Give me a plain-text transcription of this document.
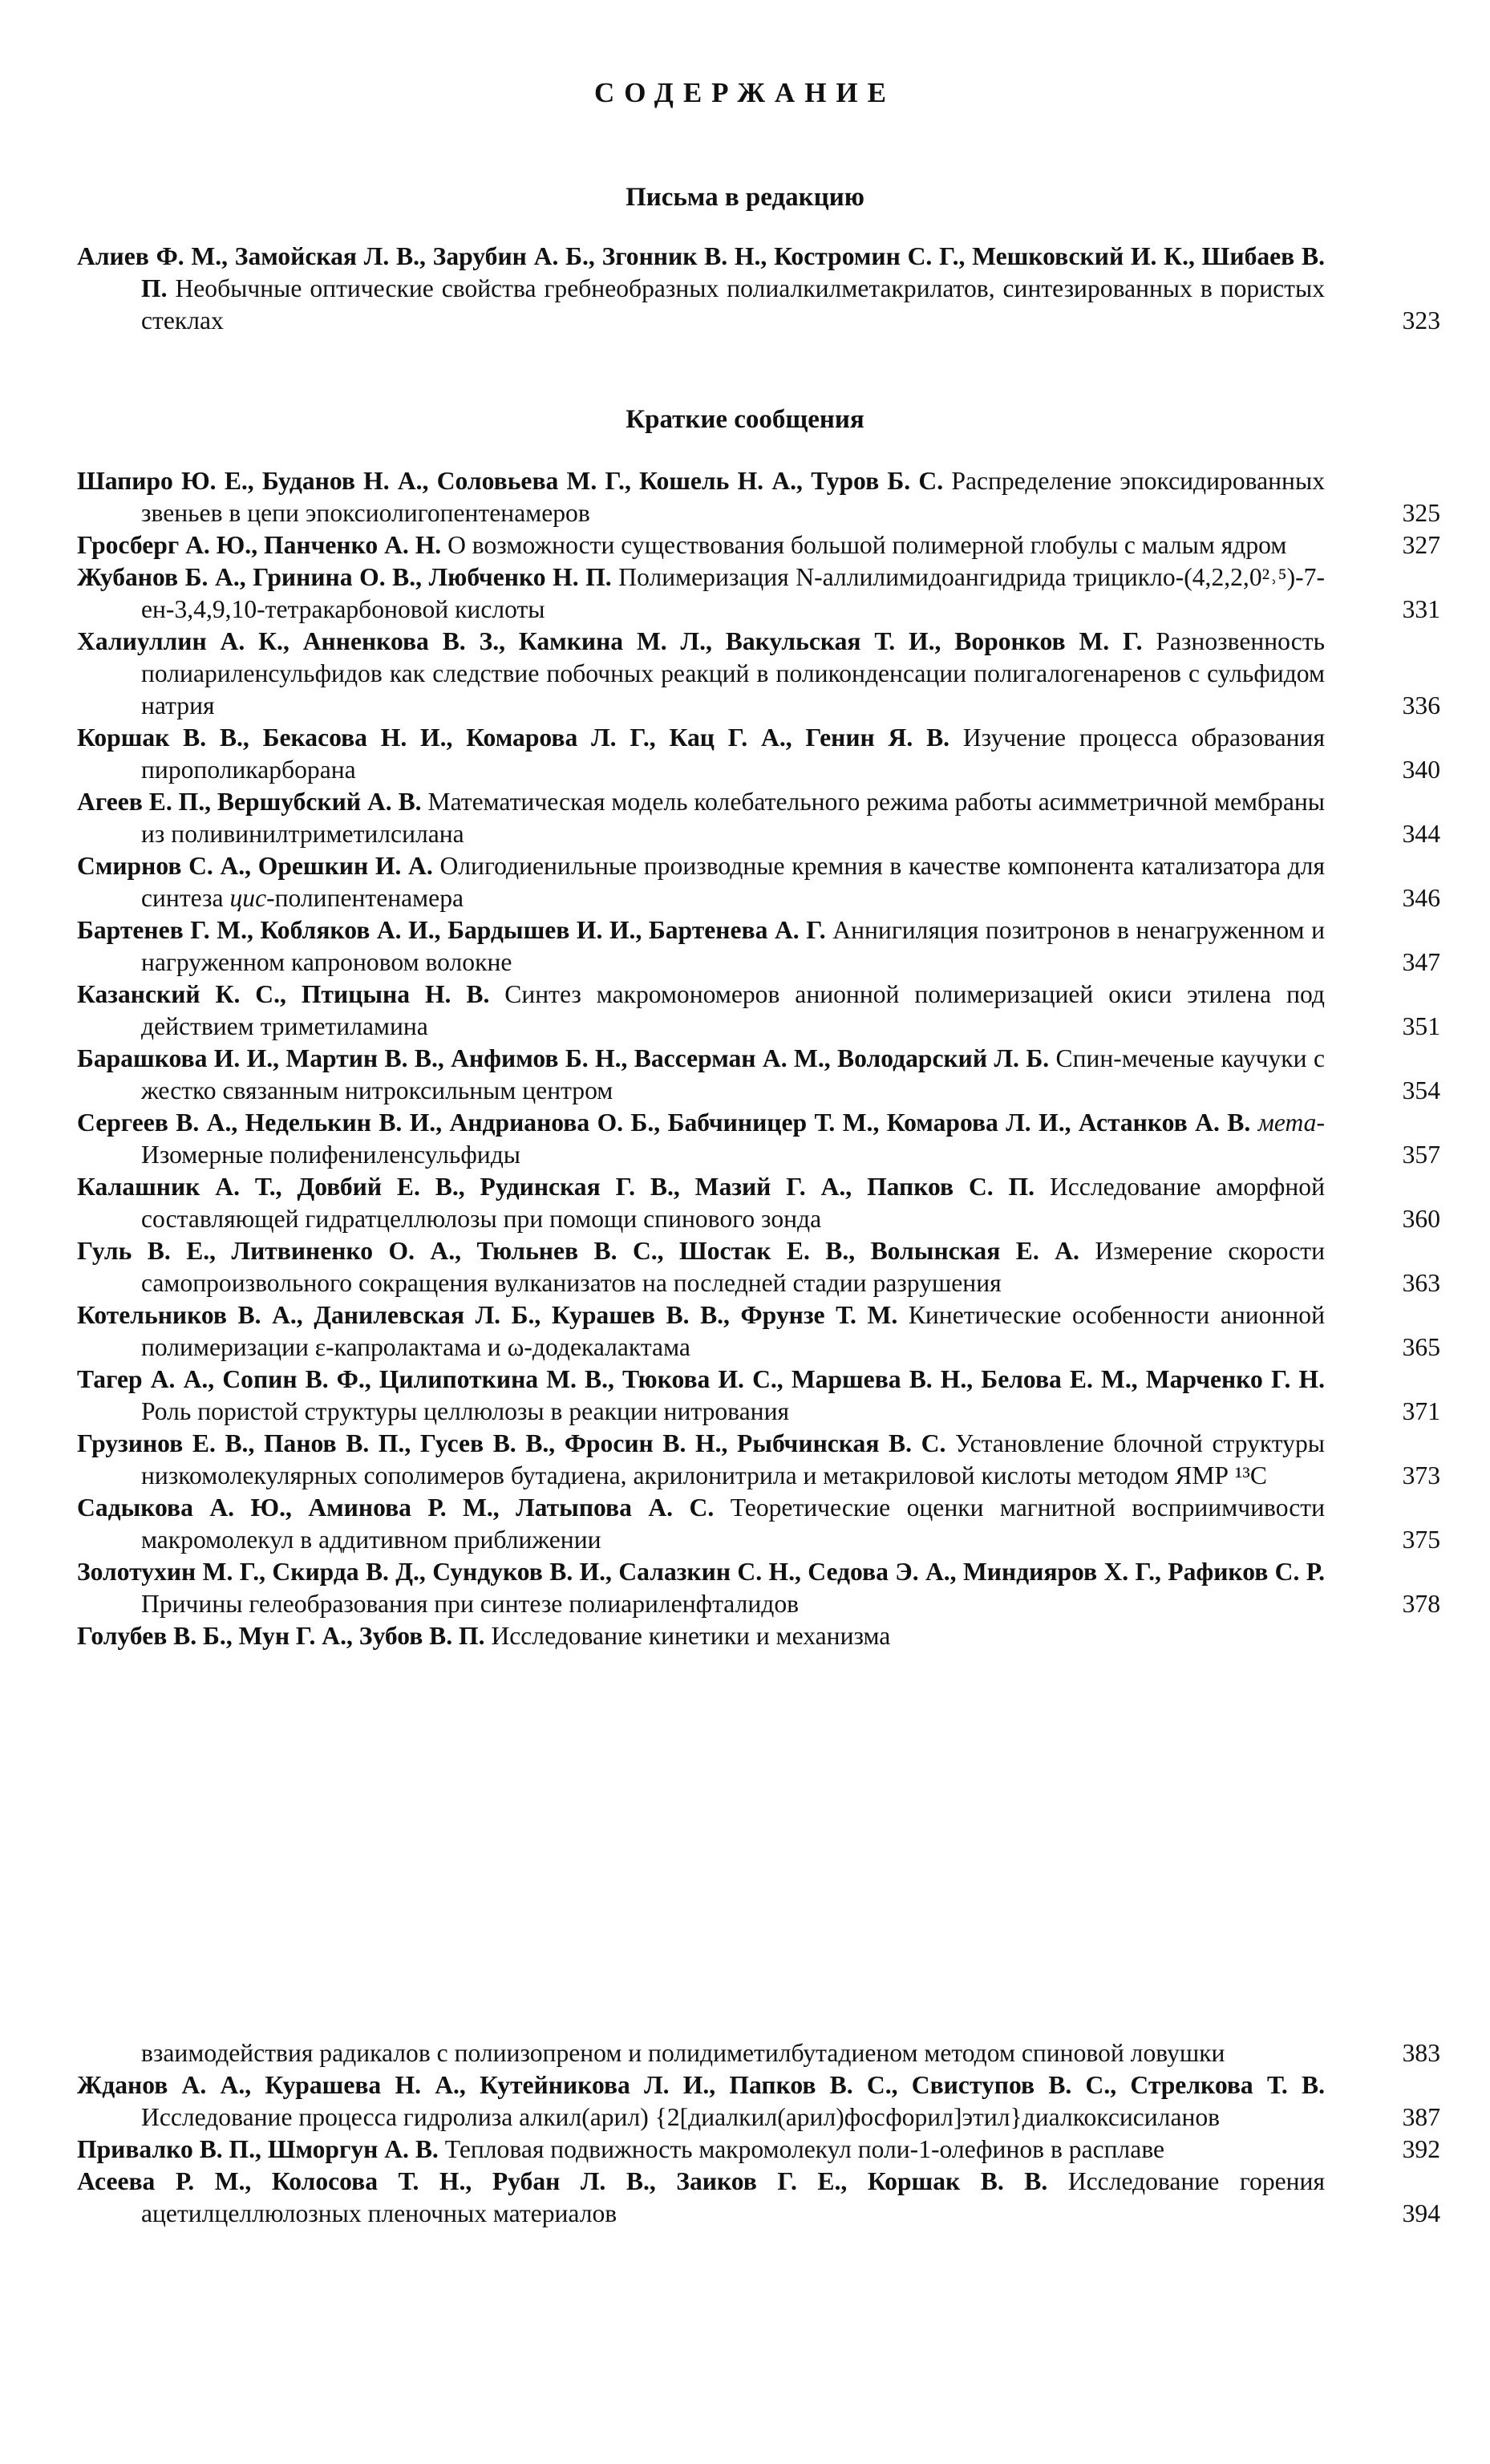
СОДЕРЖАНИЕ
Письма в редакцию
Алиев Ф. М., Замойская Л. В., Зарубин А. Б., Згонник В. Н., Костромин С. Г., Мешковский И. К., Шибаев В. П. Необычные оптические свойства гребнеобразных полиалкилметакрилатов, синтезированных в пористых стеклах	323
Краткие сообщения
Шапиро Ю. Е., Буданов Н. А., Соловьева М. Г., Кошель Н. А., Туров Б. С. Распределение эпоксидированных звеньев в цепи эпоксиолигопентенамеров	325
Гросберг А. Ю., Панченко А. Н. О возможности существования большой полимерной глобулы с малым ядром	327
Жубанов Б. А., Гринина О. В., Любченко Н. П. Полимеризация N-аллилимидоангидрида трицикло-(4,2,2,0²˒⁵)-7-ен-3,4,9,10-тетракарбоновой кислоты	331
Халиуллин А. К., Анненкова В. З., Камкина М. Л., Вакульская Т. И., Воронков М. Г. Разнозвенность полиариленсульфидов как следствие побочных реакций в поликонденсации полигалогенаренов с сульфидом натрия	336
Коршак В. В., Бекасова Н. И., Комарова Л. Г., Кац Г. А., Генин Я. В. Изучение процесса образования пирополикарборана	340
Агеев Е. П., Вершубский А. В. Математическая модель колебательного режима работы асимметричной мембраны из поливинилтриметилсилана	344
Смирнов С. А., Орешкин И. А. Олигодиенильные производные кремния в качестве компонента катализатора для синтеза цис-полипентенамера	346
Бартенев Г. М., Кобляков А. И., Бардышев И. И., Бартенева А. Г. Аннигиляция позитронов в ненагруженном и нагруженном капроновом волокне	347
Казанский К. С., Птицына Н. В. Синтез макромономеров анионной полимеризацией окиси этилена под действием триметиламина	351
Барашкова И. И., Мартин В. В., Анфимов Б. Н., Вассерман А. М., Володарский Л. Б. Спин-меченые каучуки с жестко связанным нитроксильным центром	354
Сергеев В. А., Неделькин В. И., Андрианова О. Б., Бабчиницер Т. М., Комарова Л. И., Астанков А. В. мета-Изомерные полифениленсульфиды	357
Калашник А. Т., Довбий Е. В., Рудинская Г. В., Мазий Г. А., Папков С. П. Исследование аморфной составляющей гидратцеллюлозы при помощи спинового зонда	360
Гуль В. Е., Литвиненко О. А., Тюльнев В. С., Шостак Е. В., Волынская Е. А. Измерение скорости самопроизвольного сокращения вулканизатов на последней стадии разрушения	363
Котельников В. А., Данилевская Л. Б., Курашев В. В., Фрунзе Т. М. Кинетические особенности анионной полимеризации ε-капролактама и ω-додекалактама	365
Тагер А. А., Сопин В. Ф., Цилипоткина М. В., Тюкова И. С., Маршева В. Н., Белова Е. М., Марченко Г. Н. Роль пористой структуры целлюлозы в реакции нитрования	371
Грузинов Е. В., Панов В. П., Гусев В. В., Фросин В. Н., Рыбчинская В. С. Установление блочной структуры низкомолекулярных сополимеров бутадиена, акрилонитрила и метакриловой кислоты методом ЯМР ¹³С	373
Садыкова А. Ю., Аминова Р. М., Латыпова А. С. Теоретические оценки магнитной восприимчивости макромолекул в аддитивном приближении	375
Золотухин М. Г., Скирда В. Д., Сундуков В. И., Салазкин С. Н., Седова Э. А., Миндияров Х. Г., Рафиков С. Р. Причины гелеобразования при синтезе полиариленфталидов	378
Голубев В. Б., Мун Г. А., Зубов В. П. Исследование кинетики и механизма
взаимодействия радикалов с полиизопреном и полидиметилбутадиеном методом спиновой ловушки	383
Жданов А. А., Курашева Н. А., Кутейникова Л. И., Папков В. С., Свиступов В. С., Стрелкова Т. В. Исследование процесса гидролиза алкил(арил) {2[диалкил(арил)фосфорил]этил}диалкоксисиланов	387
Привалко В. П., Шморгун А. В. Тепловая подвижность макромолекул поли-1-олефинов в расплаве	392
Асеева Р. М., Колосова Т. Н., Рубан Л. В., Заиков Г. Е., Коршак В. В. Исследование горения ацетилцеллюлозных пленочных материалов	394
